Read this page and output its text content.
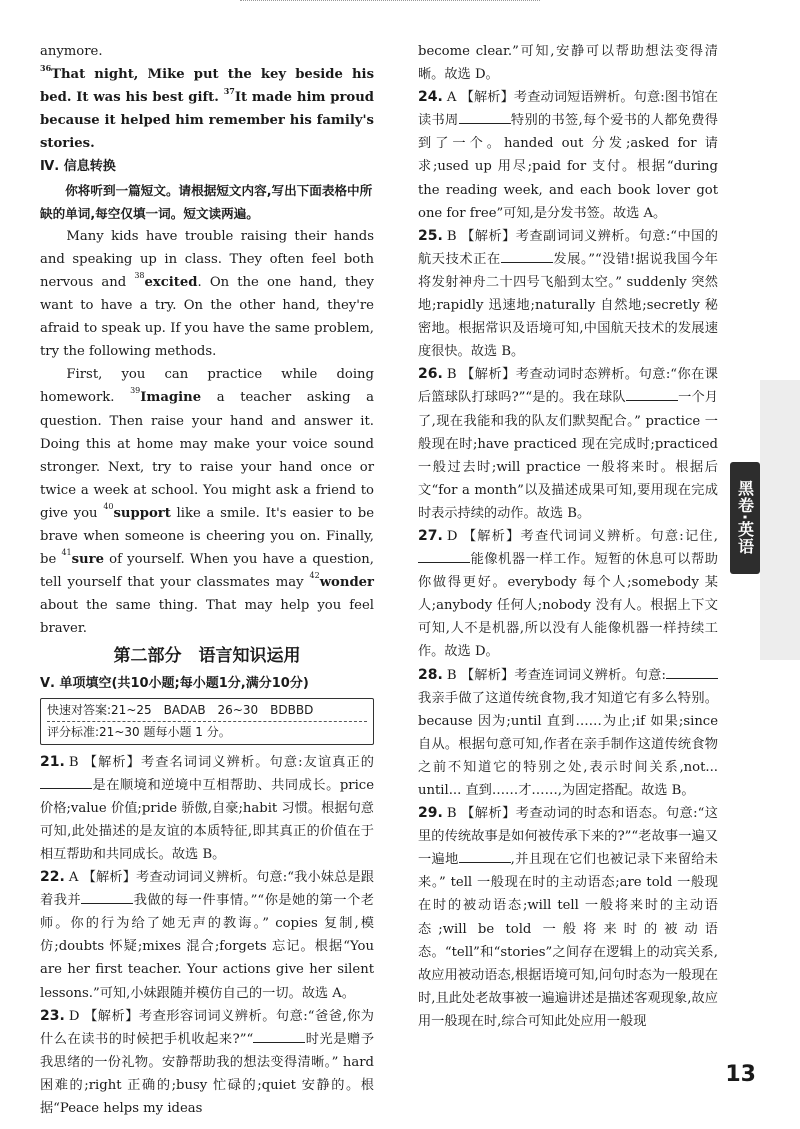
anymore.

$^{36}$That night, Mike put the key beside his bed. It was his best gift. $^{37}$It made him proud because it helped him remember his family's stories.

Ⅳ. 信息转换

你将听到一篇短文。请根据短文内容,写出下面表格中所缺的单词,每空仅填一词。短文读两遍。

Many kids have trouble raising their hands and speaking up in class. They often feel both nervous and $^{38}$excited. On the one hand, they want to have a try. On the other hand, they're afraid to speak up. If you have the same problem, try the following methods.

First, you can practice while doing homework. $^{39}$Imagine a teacher asking a question. Then raise your hand and answer it. Doing this at home may make your voice sound stronger. Next, try to raise your hand once or twice a week at school. You might ask a friend to give you $^{40}$support like a smile. It's easier to be brave when someone is cheering you on. Finally, be $^{41}$sure of yourself. When you have a question, tell yourself that your classmates may $^{42}$wonder about the same thing. That may help you feel braver.

第二部分　语言知识运用

Ⅴ. 单项填空(共10小题;每小题1分,满分10分)

快速对答案:21~25　BADAB　26~30　BDBBD
评分标准:21~30 题每小题 1 分。

21. B 【解析】考查名词词义辨析。句意:友谊真正的是在顺境和逆境中互相帮助、共同成长。price 价格;value 价值;pride 骄傲,自豪;habit 习惯。根据句意可知,此处描述的是友谊的本质特征,即其真正的价值在于相互帮助和共同成长。故选 B。

22. A 【解析】考查动词词义辨析。句意:“我小妹总是跟着我并	我做的每一件事情。”“你是她的第一个老师。你的行为给了她无声的教诲。” copies 复制,模仿;doubts 怀疑;mixes 混合;forgets 忘记。根据“You are her first teacher. Your actions give her silent lessons.”可知,小妹跟随并模仿自己的一切。故选 A。

23. D 【解析】考查形容词词义辨析。句意:“爸爸,你为什么在读书的时候把手机收起来?”“	时光是赠予我思绪的一份礼物。安静帮助我的想法变得清晰。” hard 困难的;right 正确的;busy 忙碌的;quiet 安静的。根据“Peace helps my ideas

become clear.”可知,安静可以帮助想法变得清晰。故选 D。

24. A 【解析】考查动词短语辨析。句意:图书馆在读书周	特别的书签,每个爱书的人都免费得到了一个。handed out 分发;asked for 请求;used up 用尽;paid for 支付。根据“during the reading week, and each book lover got one for free”可知,是分发书签。故选 A。

25. B 【解析】考查副词词义辨析。句意:“中国的航天技术正在	发展。”“没错!据说我国今年将发射神舟二十四号飞船到太空。” suddenly 突然地;rapidly 迅速地;naturally 自然地;secretly 秘密地。根据常识及语境可知,中国航天技术的发展速度很快。故选 B。

26. B 【解析】考查动词时态辨析。句意:“你在课后篮球队打球吗?”“是的。我在球队	一个月了,现在我能和我的队友们默契配合。” practice 一般现在时;have practiced 现在完成时;practiced 一般过去时;will practice 一般将来时。根据后文“for a month”以及描述成果可知,要用现在完成时表示持续的动作。故选 B。

27. D 【解析】考查代词词义辨析。句意:记住,能像机器一样工作。短暂的休息可以帮助你做得更好。everybody 每个人;somebody 某人;anybody 任何人;nobody 没有人。根据上下文可知,人不是机器,所以没有人能像机器一样持续工作。故选 D。

28. B 【解析】考查连词词义辨析。句意:我亲手做了这道传统食物,我才知道它有多么特别。because 因为;until 直到……为止;if 如果;since 自从。根据句意可知,作者在亲手制作这道传统食物之前不知道它的特别之处,表示时间关系,not... until... 直到……才……,为固定搭配。故选 B。

29. B 【解析】考查动词的时态和语态。句意:“这里的传统故事是如何被传承下来的?”“老故事一遍又一遍地	,并且现在它们也被记录下来留给未来。” tell 一般现在时的主动语态;are told 一般现在时的被动语态;will tell 一般将来时的主动语态;will be told 一般将来时的被动语态。“tell”和“stories”之间存在逻辑上的动宾关系,故应用被动语态,根据语境可知,问句时态为一般现在时,且此处老故事被一遍遍讲述是描述客观现象,故应用一般现在时,综合可知此处应用一般现

黑卷·英语
13
